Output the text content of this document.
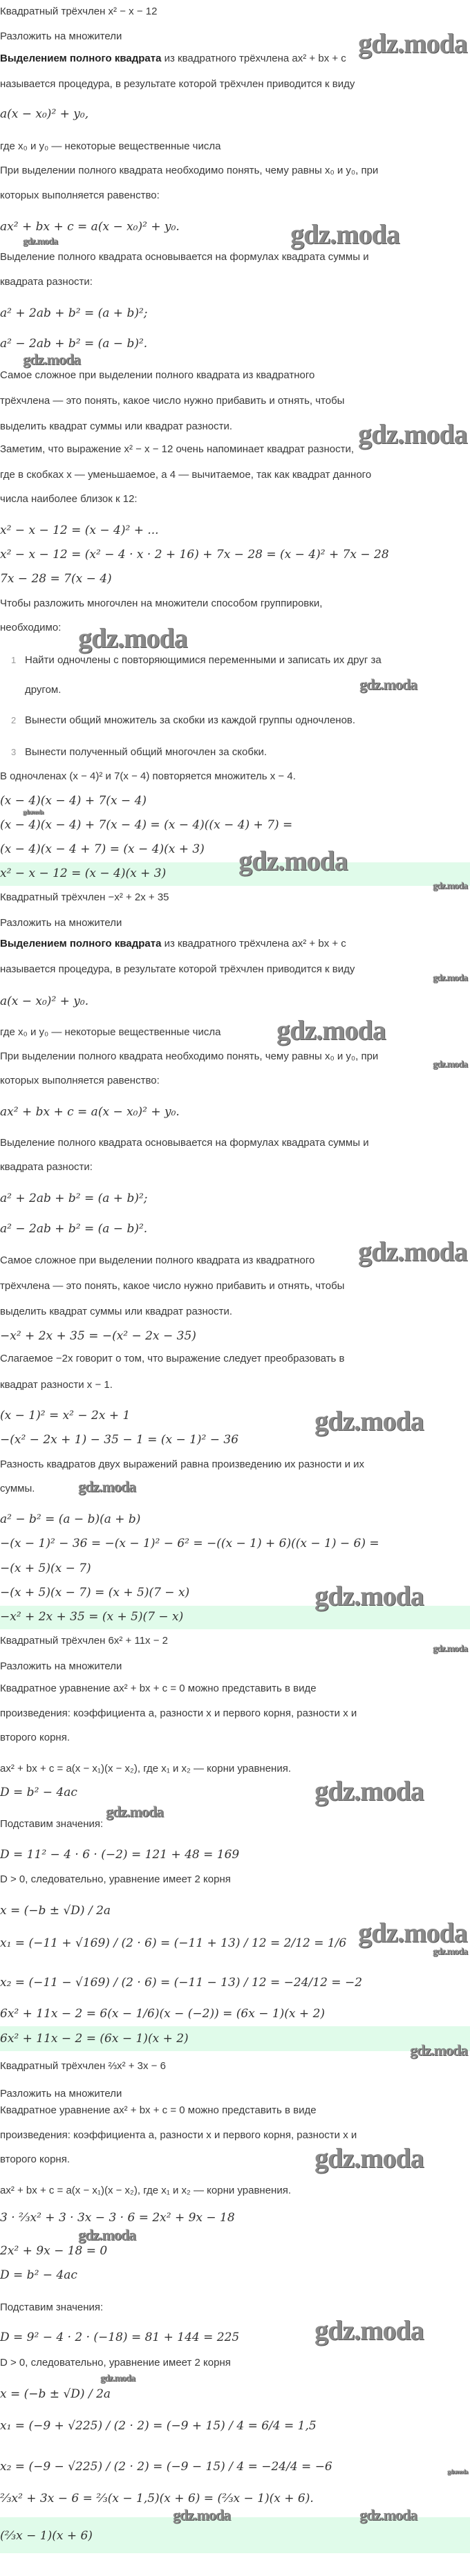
Квадратный трёхчлен x² − x − 12
Разложить на множители
Выделением полного квадрата из квадратного трёхчлена ax² + bx + c
называется процедура, в результате которой трёхчлен приводится к виду
a(x − x₀)² + y₀,
где x₀ и y₀ — некоторые вещественные числа
При выделении полного квадрата необходимо понять, чему равны x₀ и y₀, при
которых выполняется равенство:
ax² + bx + c = a(x − x₀)² + y₀.
Выделение полного квадрата основывается на формулах квадрата суммы и
квадрата разности:
a² + 2ab + b² = (a + b)²;
a² − 2ab + b² = (a − b)².
Самое сложное при выделении полного квадрата из квадратного
трёхчлена — это понять, какое число нужно прибавить и отнять, чтобы
выделить квадрат суммы или квадрат разности.
Заметим, что выражение x² − x − 12 очень напоминает квадрат разности,
где в скобках x — уменьшаемое, а 4 — вычитаемое, так как квадрат данного
числа наиболее близок к 12:
x² − x − 12 = (x − 4)² + ...
x² − x − 12 = (x² − 4 · x · 2 + 16) + 7x − 28 = (x − 4)² + 7x − 28
7x − 28 = 7(x − 4)
Чтобы разложить многочлен на множители способом группировки,
необходимо:
1 Найти одночлены с повторяющимися переменными и записать их друг за
другом.
2 Вынести общий множитель за скобки из каждой группы одночленов.
3 Вынести полученный общий многочлен за скобки.
В одночленах (x − 4)² и 7(x − 4) повторяется множитель x − 4.
(x − 4)(x − 4) + 7(x − 4)
(x − 4)(x − 4) + 7(x − 4) = (x − 4)((x − 4) + 7) =
(x − 4)(x − 4 + 7) = (x − 4)(x + 3)
x² − x − 12 = (x − 4)(x + 3)
Квадратный трёхчлен −x² + 2x + 35
Разложить на множители
Выделением полного квадрата из квадратного трёхчлена ax² + bx + c
называется процедура, в результате которой трёхчлен приводится к виду
a(x − x₀)² + y₀.
где x₀ и y₀ — некоторые вещественные числа
При выделении полного квадрата необходимо понять, чему равны x₀ и y₀, при
которых выполняется равенство:
ax² + bx + c = a(x − x₀)² + y₀.
Выделение полного квадрата основывается на формулах квадрата суммы и
квадрата разности:
a² + 2ab + b² = (a + b)²;
a² − 2ab + b² = (a − b)².
Самое сложное при выделении полного квадрата из квадратного
трёхчлена — это понять, какое число нужно прибавить и отнять, чтобы
выделить квадрат суммы или квадрат разности.
−x² + 2x + 35 = −(x² − 2x − 35)
Слагаемое −2x говорит о том, что выражение следует преобразовать в
квадрат разности x − 1.
(x − 1)² = x² − 2x + 1
−(x² − 2x + 1) − 35 − 1 = (x − 1)² − 36
Разность квадратов двух выражений равна произведению их разности и их
суммы.
a² − b² = (a − b)(a + b)
−(x − 1)² − 36 = −(x − 1)² − 6² = −((x − 1) + 6)((x − 1) − 6) =
−(x + 5)(x − 7)
−(x + 5)(x − 7) = (x + 5)(7 − x)
−x² + 2x + 35 = (x + 5)(7 − x)
Квадратный трёхчлен 6x² + 11x − 2
Разложить на множители
Квадратное уравнение ax² + bx + c = 0 можно представить в виде
произведения: коэффициента a, разности x и первого корня, разности x и
второго корня.
ax² + bx + c = a(x − x₁)(x − x₂), где x₁ и x₂ — корни уравнения.
D = b² − 4ac
Подставим значения:
D = 11² − 4 · 6 · (−2) = 121 + 48 = 169
D > 0, следовательно, уравнение имеет 2 корня
x = (−b ± √D) / 2a
x₁ = (−11 + √169) / (2 · 6) = (−11 + 13) / 12 = 2/12 = 1/6
x₂ = (−11 − √169) / (2 · 6) = (−11 − 13) / 12 = −24/12 = −2
6x² + 11x − 2 = 6(x − 1/6)(x − (−2)) = (6x − 1)(x + 2)
6x² + 11x − 2 = (6x − 1)(x + 2)
Квадратный трёхчлен ⅔x² + 3x − 6
Разложить на множители
Квадратное уравнение ax² + bx + c = 0 можно представить в виде
произведения: коэффициента a, разности x и первого корня, разности x и
второго корня.
ax² + bx + c = a(x − x₁)(x − x₂), где x₁ и x₂ — корни уравнения.
3 · ⅔x² + 3 · 3x − 3 · 6 = 2x² + 9x − 18
2x² + 9x − 18 = 0
D = b² − 4ac
Подставим значения:
D = 9² − 4 · 2 · (−18) = 81 + 144 = 225
D > 0, следовательно, уравнение имеет 2 корня
x = (−b ± √D) / 2a
x₁ = (−9 + √225) / (2 · 2) = (−9 + 15) / 4 = 6/4 = 1,5
x₂ = (−9 − √225) / (2 · 2) = (−9 − 15) / 4 = −24/4 = −6
⅔x² + 3x − 6 = ⅔(x − 1,5)(x + 6) = (⅔x − 1)(x + 6).
(⅔x − 1)(x + 6)
gdz.moda
gdz.moda
gdz.moda
gdz.moda
gdz.moda
gdz.moda
gdz.moda
gdz.moda
gdz.moda
gdz.moda
gdz.moda
gdz.moda
gdz.moda
gdz.moda
gdz.moda
gdz.moda
gdz.moda
gdz.moda
gdz.moda
gdz.moda
gdz.moda
gdz.moda
gdz.moda
gdz.moda
gdz.moda
gdz.moda
gdz.moda
gdz.moda
gdz.moda	gdz.moda
